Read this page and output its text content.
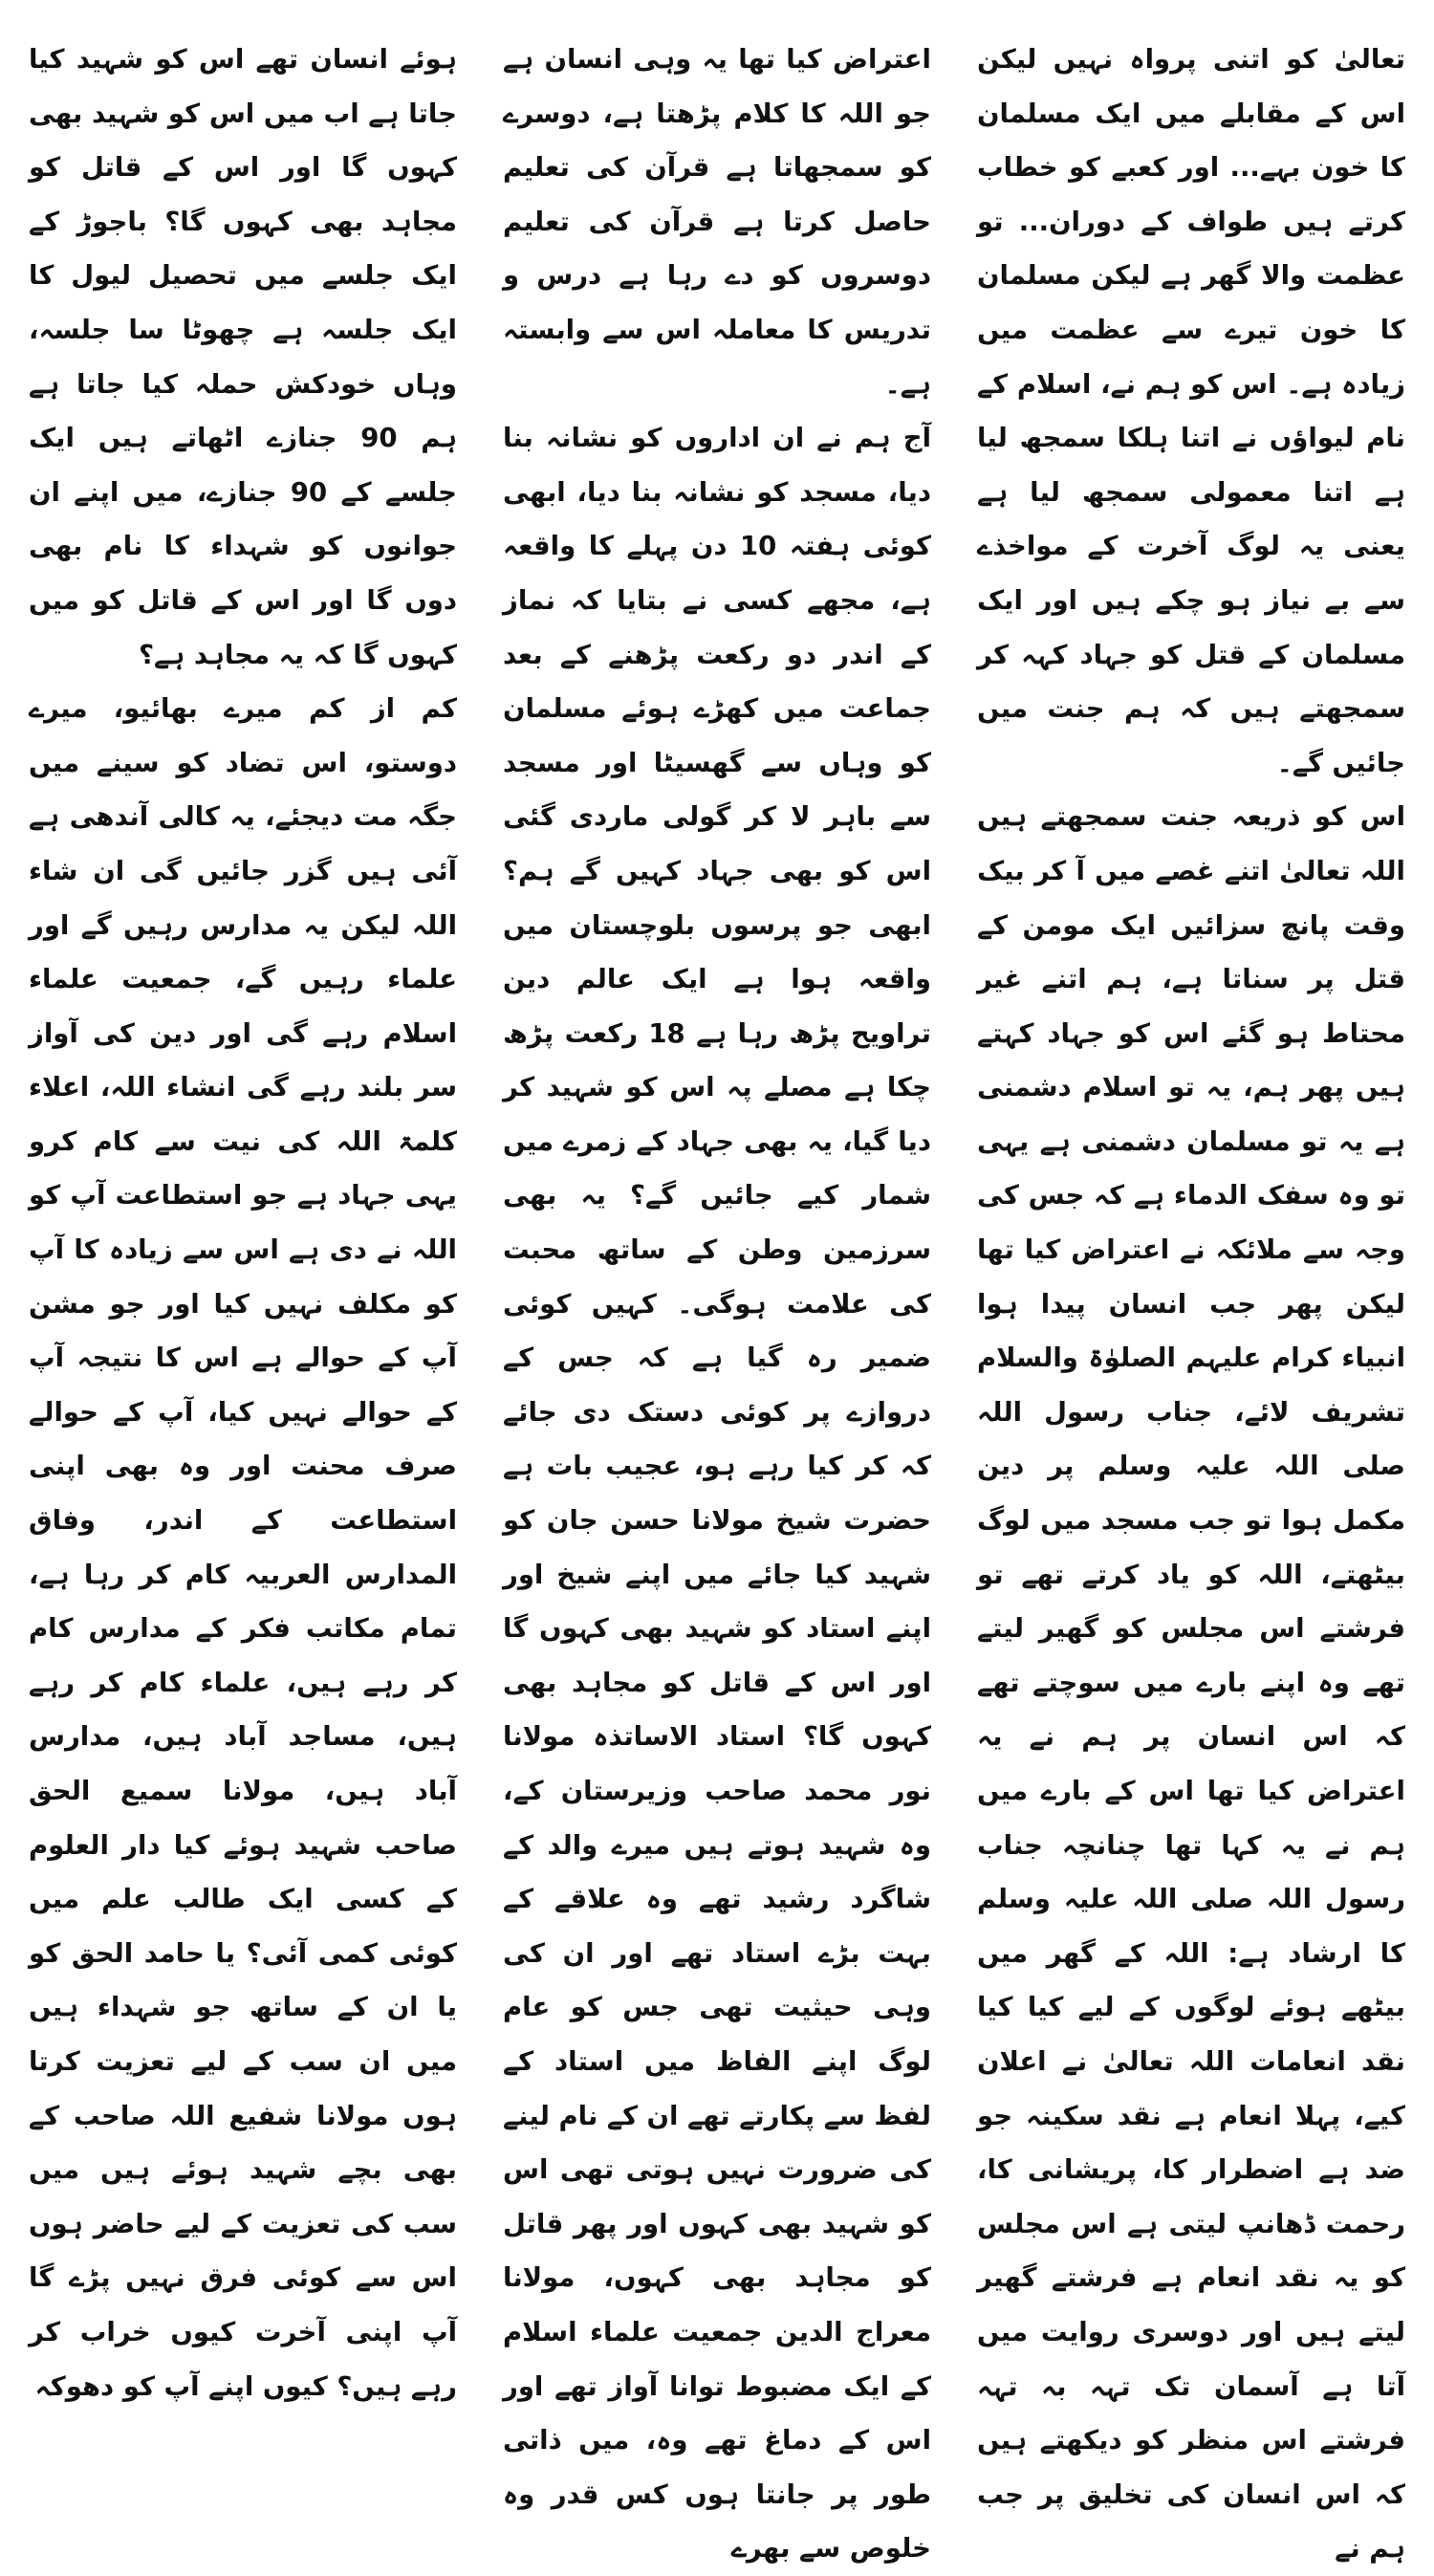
تعالیٰ کو اتنی پرواہ نہیں لیکن اس کے مقابلے میں ایک مسلمان کا خون بہے... اور کعبے کو خطاب کرتے ہیں طواف کے دوران... تو عظمت والا گھر ہے لیکن مسلمان کا خون تیرے سے عظمت میں زیادہ ہے۔ اس کو ہم نے، اسلام کے نام لیواؤں نے اتنا ہلکا سمجھ لیا ہے اتنا معمولی سمجھ لیا ہے یعنی یہ لوگ آخرت کے مواخذے سے بے نیاز ہو چکے ہیں اور ایک مسلمان کے قتل کو جہاد کہہ کر سمجھتے ہیں کہ ہم جنت میں جائیں گے۔

اس کو ذریعہ جنت سمجھتے ہیں اللہ تعالیٰ اتنے غصے میں آ کر بیک وقت پانچ سزائیں ایک مومن کے قتل پر سناتا ہے، ہم اتنے غیر محتاط ہو گئے اس کو جہاد کہتے ہیں پھر ہم، یہ تو اسلام دشمنی ہے یہ تو مسلمان دشمنی ہے یہی تو وہ سفک الدماء ہے کہ جس کی وجہ سے ملائکہ نے اعتراض کیا تھا لیکن پھر جب انسان پیدا ہوا انبیاء کرام علیہم الصلوٰۃ والسلام تشریف لائے، جناب رسول اللہ صلی اللہ علیہ وسلم پر دین مکمل ہوا تو جب مسجد میں لوگ بیٹھتے، اللہ کو یاد کرتے تھے تو فرشتے اس مجلس کو گھیر لیتے تھے وہ اپنے بارے میں سوچتے تھے کہ اس انسان پر ہم نے یہ اعتراض کیا تھا اس کے بارے میں ہم نے یہ کہا تھا چنانچہ جناب رسول اللہ صلی اللہ علیہ وسلم کا ارشاد ہے: اللہ کے گھر میں بیٹھے ہوئے لوگوں کے لیے کیا کیا نقد انعامات اللہ تعالیٰ نے اعلان کیے، پہلا انعام ہے نقد سکینہ جو ضد ہے اضطرار کا، پریشانی کا، رحمت ڈھانپ لیتی ہے اس مجلس کو یہ نقد انعام ہے فرشتے گھیر لیتے ہیں اور دوسری روایت میں آتا ہے آسمان تک تہہ بہ تہہ فرشتے اس منظر کو دیکھتے ہیں کہ اس انسان کی تخلیق پر جب ہم نے

اعتراض کیا تھا یہ وہی انسان ہے جو اللہ کا کلام پڑھتا ہے، دوسرے کو سمجھاتا ہے قرآن کی تعلیم حاصل کرتا ہے قرآن کی تعلیم دوسروں کو دے رہا ہے درس و تدریس کا معاملہ اس سے وابستہ ہے۔

آج ہم نے ان اداروں کو نشانہ بنا دیا، مسجد کو نشانہ بنا دیا، ابھی کوئی ہفتہ 10 دن پہلے کا واقعہ ہے، مجھے کسی نے بتایا کہ نماز کے اندر دو رکعت پڑھنے کے بعد جماعت میں کھڑے ہوئے مسلمان کو وہاں سے گھسیٹا اور مسجد سے باہر لا کر گولی ماردی گئی اس کو بھی جہاد کہیں گے ہم؟ ابھی جو پرسوں بلوچستان میں واقعہ ہوا ہے ایک عالم دین تراویح پڑھ رہا ہے 18 رکعت پڑھ چکا ہے مصلے پہ اس کو شہید کر دیا گیا، یہ بھی جہاد کے زمرے میں شمار کیے جائیں گے؟ یہ بھی سرزمین وطن کے ساتھ محبت کی علامت ہوگی۔ کہیں کوئی ضمیر رہ گیا ہے کہ جس کے دروازے پر کوئی دستک دی جائے کہ کر کیا رہے ہو، عجیب بات ہے حضرت شیخ مولانا حسن جان کو شہید کیا جائے میں اپنے شیخ اور اپنے استاد کو شہید بھی کہوں گا اور اس کے قاتل کو مجاہد بھی کہوں گا؟ استاد الاساتذہ مولانا نور محمد صاحب وزیرستان کے، وہ شہید ہوتے ہیں میرے والد کے شاگرد رشید تھے وہ علاقے کے بہت بڑے استاد تھے اور ان کی وہی حیثیت تھی جس کو عام لوگ اپنے الفاظ میں استاد کے لفظ سے پکارتے تھے ان کے نام لینے کی ضرورت نہیں ہوتی تھی اس کو شہید بھی کہوں اور پھر قاتل کو مجاہد بھی کہوں، مولانا معراج الدین جمعیت علماء اسلام کے ایک مضبوط توانا آواز تھے اور اس کے دماغ تھے وہ، میں ذاتی طور پر جانتا ہوں کس قدر وہ خلوص سے بھرے

ہوئے انسان تھے اس کو شہید کیا جاتا ہے اب میں اس کو شہید بھی کہوں گا اور اس کے قاتل کو مجاہد بھی کہوں گا؟ باجوڑ کے ایک جلسے میں تحصیل لیول کا ایک جلسہ ہے چھوٹا سا جلسہ، وہاں خودکش حملہ کیا جاتا ہے ہم 90 جنازے اٹھاتے ہیں ایک جلسے کے 90 جنازے، میں اپنے ان جوانوں کو شہداء کا نام بھی دوں گا اور اس کے قاتل کو میں کہوں گا کہ یہ مجاہد ہے؟

کم از کم میرے بھائیو، میرے دوستو، اس تضاد کو سینے میں جگہ مت دیجئے، یہ کالی آندھی ہے آئی ہیں گزر جائیں گی ان شاء اللہ لیکن یہ مدارس رہیں گے اور علماء رہیں گے، جمعیت علماء اسلام رہے گی اور دین کی آواز سر بلند رہے گی انشاء اللہ، اعلاء کلمۃ اللہ کی نیت سے کام کرو یہی جہاد ہے جو استطاعت آپ کو اللہ نے دی ہے اس سے زیادہ کا آپ کو مکلف نہیں کیا اور جو مشن آپ کے حوالے ہے اس کا نتیجہ آپ کے حوالے نہیں کیا، آپ کے حوالے صرف محنت اور وہ بھی اپنی استطاعت کے اندر، وفاق المدارس العربیہ کام کر رہا ہے، تمام مکاتب فکر کے مدارس کام کر رہے ہیں، علماء کام کر رہے ہیں، مساجد آباد ہیں، مدارس آباد ہیں، مولانا سمیع الحق صاحب شہید ہوئے کیا دار العلوم کے کسی ایک طالب علم میں کوئی کمی آئی؟ یا حامد الحق کو یا ان کے ساتھ جو شہداء ہیں میں ان سب کے لیے تعزیت کرتا ہوں مولانا شفیع اللہ صاحب کے بھی بچے شہید ہوئے ہیں میں سب کی تعزیت کے لیے حاضر ہوں اس سے کوئی فرق نہیں پڑے گا آپ اپنی آخرت کیوں خراب کر رہے ہیں؟ کیوں اپنے آپ کو دھوکہ
